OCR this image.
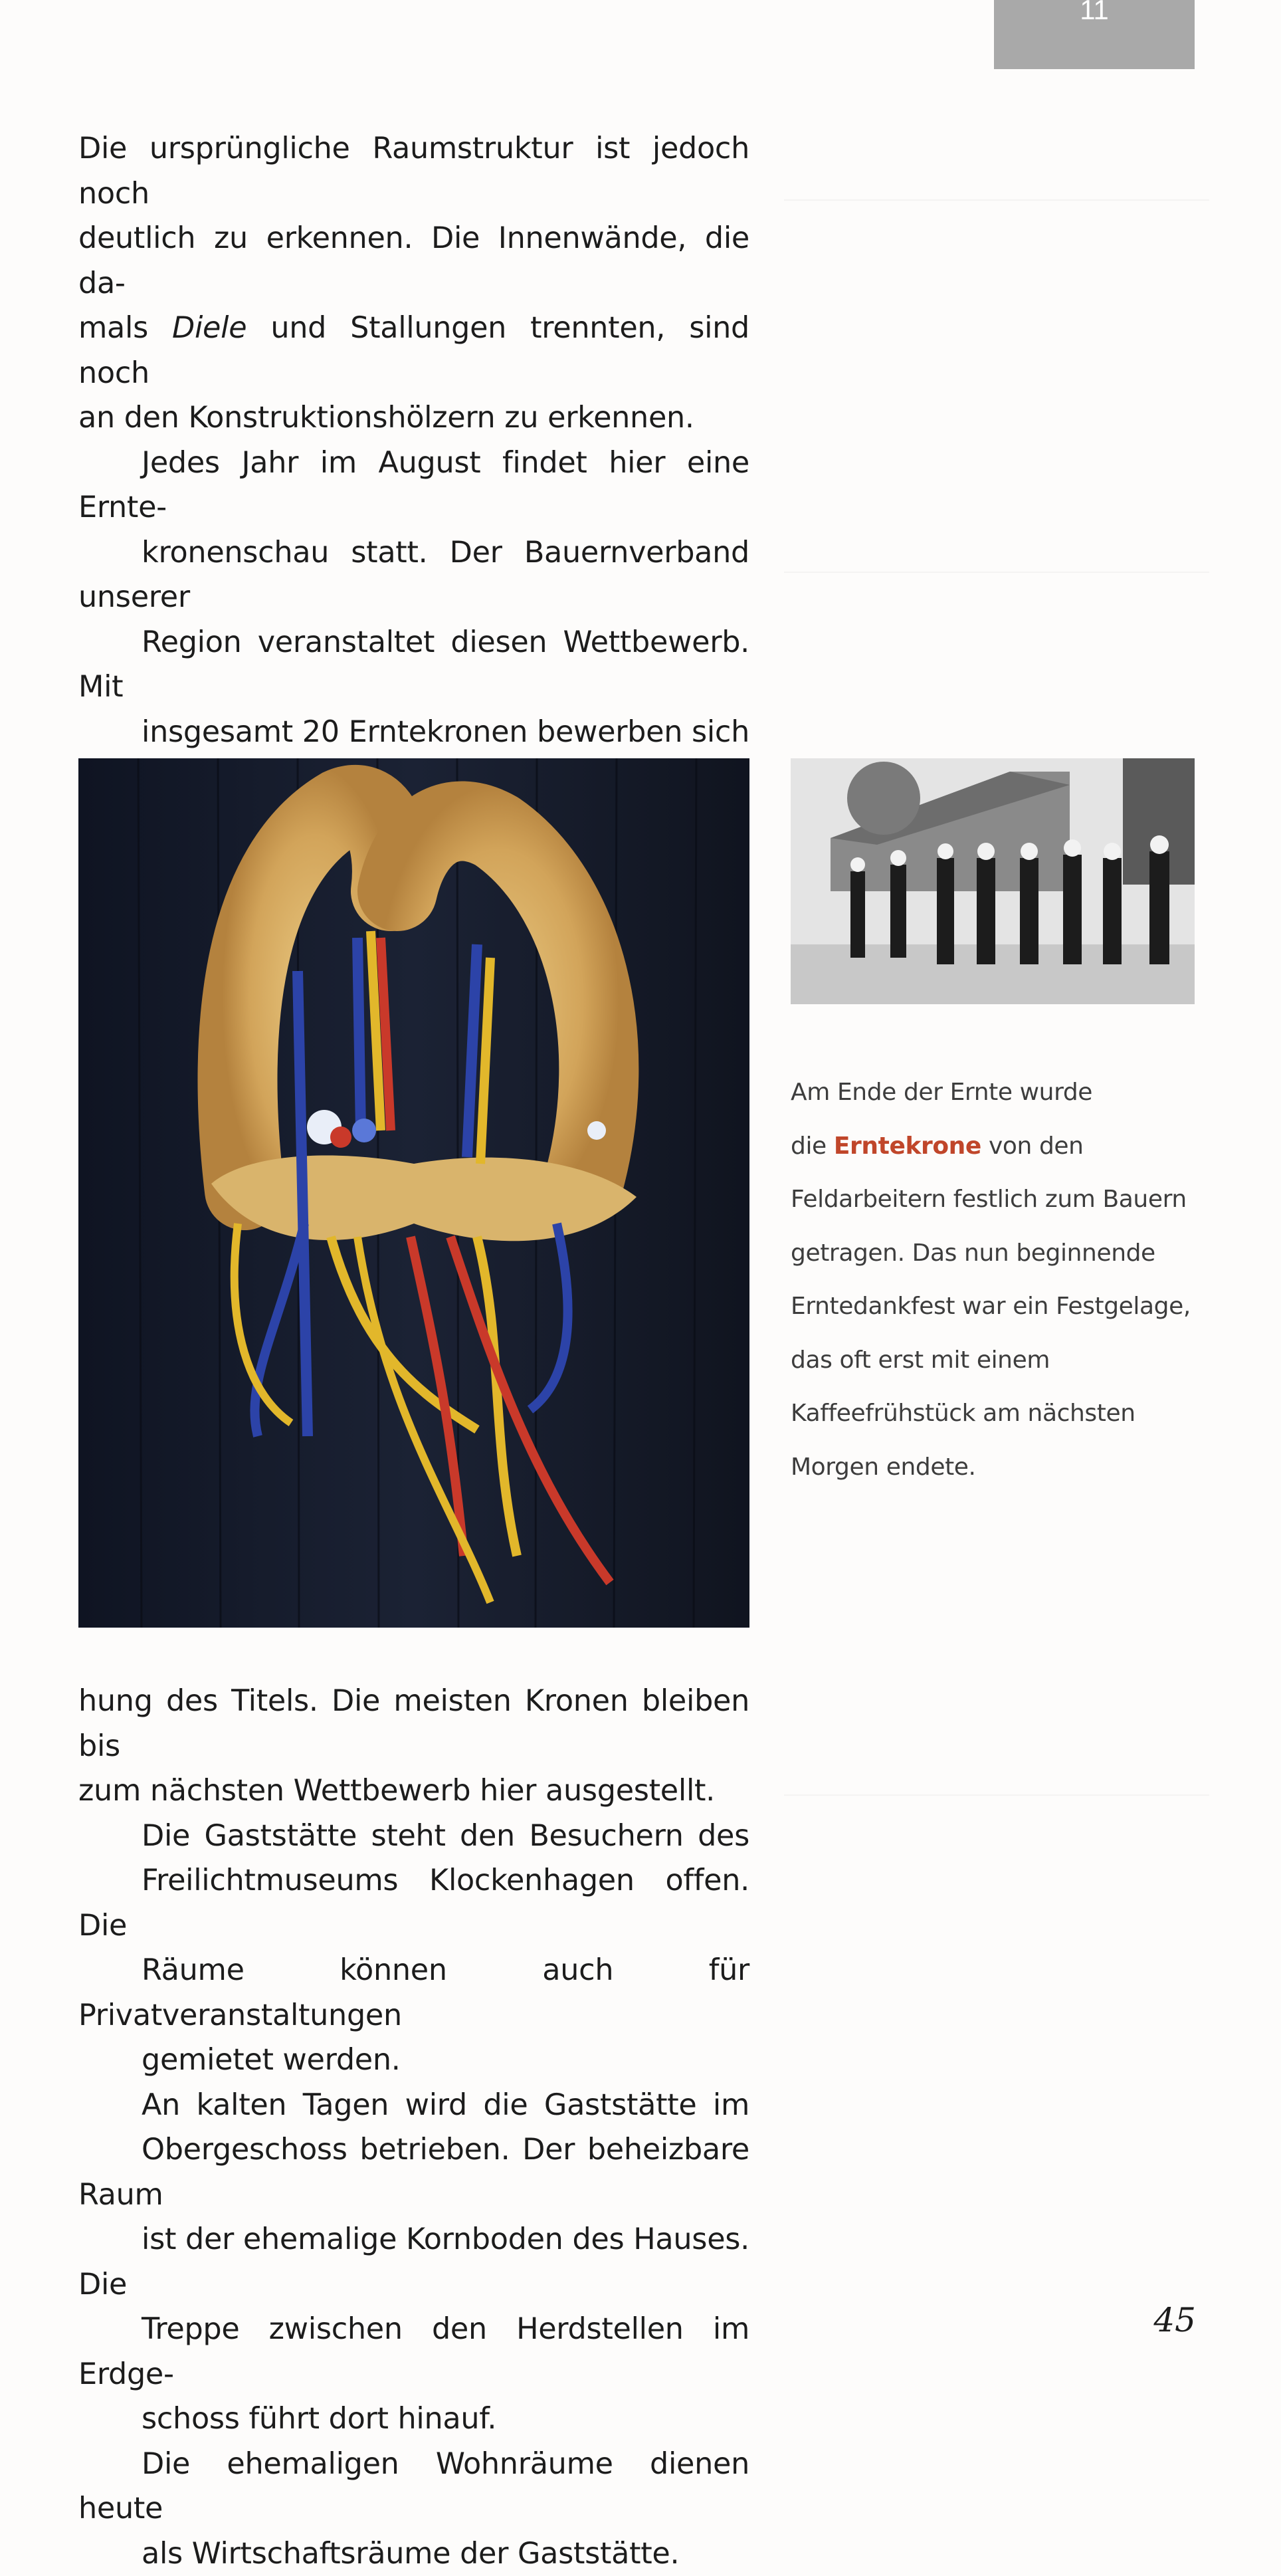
11

Die ursprüngliche Raumstruktur ist jedoch noch
deutlich zu erkennen. Die Innenwände, die da-
mals Diele und Stallungen trennten, sind noch
an den Konstruktionshölzern zu erkennen.

Jedes Jahr im August findet hier eine Ernte-
kronenschau statt. Der Bauernverband unserer
Region veranstaltet diesen Wettbewerb. Mit
insgesamt 20 Erntekronen bewerben sich

Am Ende der Ernte wurde
die Erntekrone von den
Feldarbeitern festlich zum Bauern
getragen. Das nun beginnende
Erntedankfest war ein Festgelage,
das oft erst mit einem
Kaffeefrühstück am nächsten
Morgen endete.

hung des Titels. Die meisten Kronen bleiben bis
zum nächsten Wettbewerb hier ausgestellt.

Die Gaststätte steht den Besuchern des
Freilichtmuseums Klockenhagen offen. Die
Räume können auch für Privatveranstaltungen
gemietet werden.

An kalten Tagen wird die Gaststätte im
Obergeschoss betrieben. Der beheizbare Raum
ist der ehemalige Kornboden des Hauses. Die
Treppe zwischen den Herdstellen im Erdge-
schoss führt dort hinauf.

Die ehemaligen Wohnräume dienen heute
als Wirtschaftsräume der Gaststätte.

45
